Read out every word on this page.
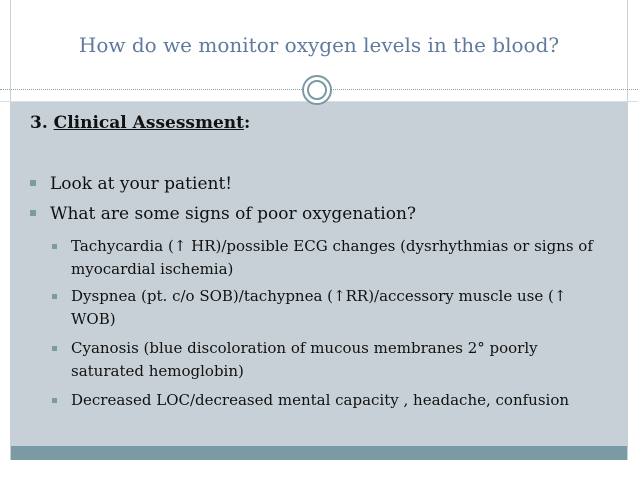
How do we monitor oxygen levels in the blood?
3. Clinical Assessment:
Look at your patient!
What are some signs of poor oxygenation?
Tachycardia (↑ HR)/possible ECG changes (dysrhythmias or signs of myocardial ischemia)
Dyspnea (pt. c/o SOB)/tachypnea (↑RR)/accessory muscle use (↑ WOB)
Cyanosis (blue discoloration of mucous membranes 2° poorly saturated hemoglobin)
Decreased LOC/decreased mental capacity , headache, confusion
